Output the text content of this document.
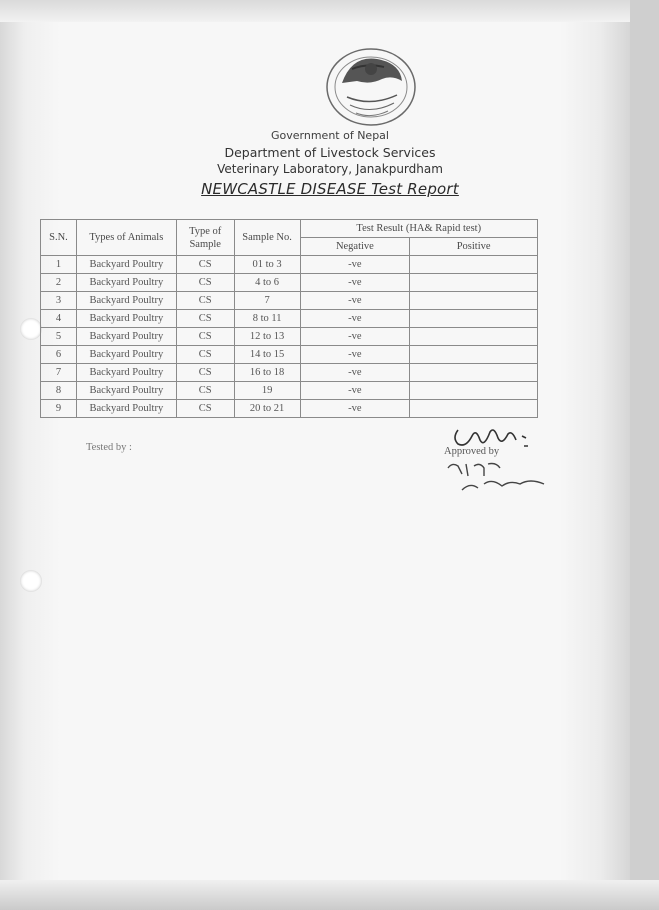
Government of Nepal
Department of Livestock Services
Veterinary Laboratory, Janakpurdham
NEWCASTLE DISEASE Test Report
S.N.	Types of Animals	Type of Sample	Sample No.	Test Result (HA& Rapid test)	
				Negative	Positive
1	Backyard Poultry	CS	01 to 3	-ve	
2	Backyard Poultry	CS	4 to 6	-ve	
3	Backyard Poultry	CS	7	-ve	
4	Backyard Poultry	CS	8 to 11	-ve	
5	Backyard Poultry	CS	12 to 13	-ve	
6	Backyard Poultry	CS	14 to 15	-ve	
7	Backyard Poultry	CS	16 to 18	-ve	
8	Backyard Poultry	CS	19	-ve	
9	Backyard Poultry	CS	20 to 21	-ve	
Tested by :	Approved by
